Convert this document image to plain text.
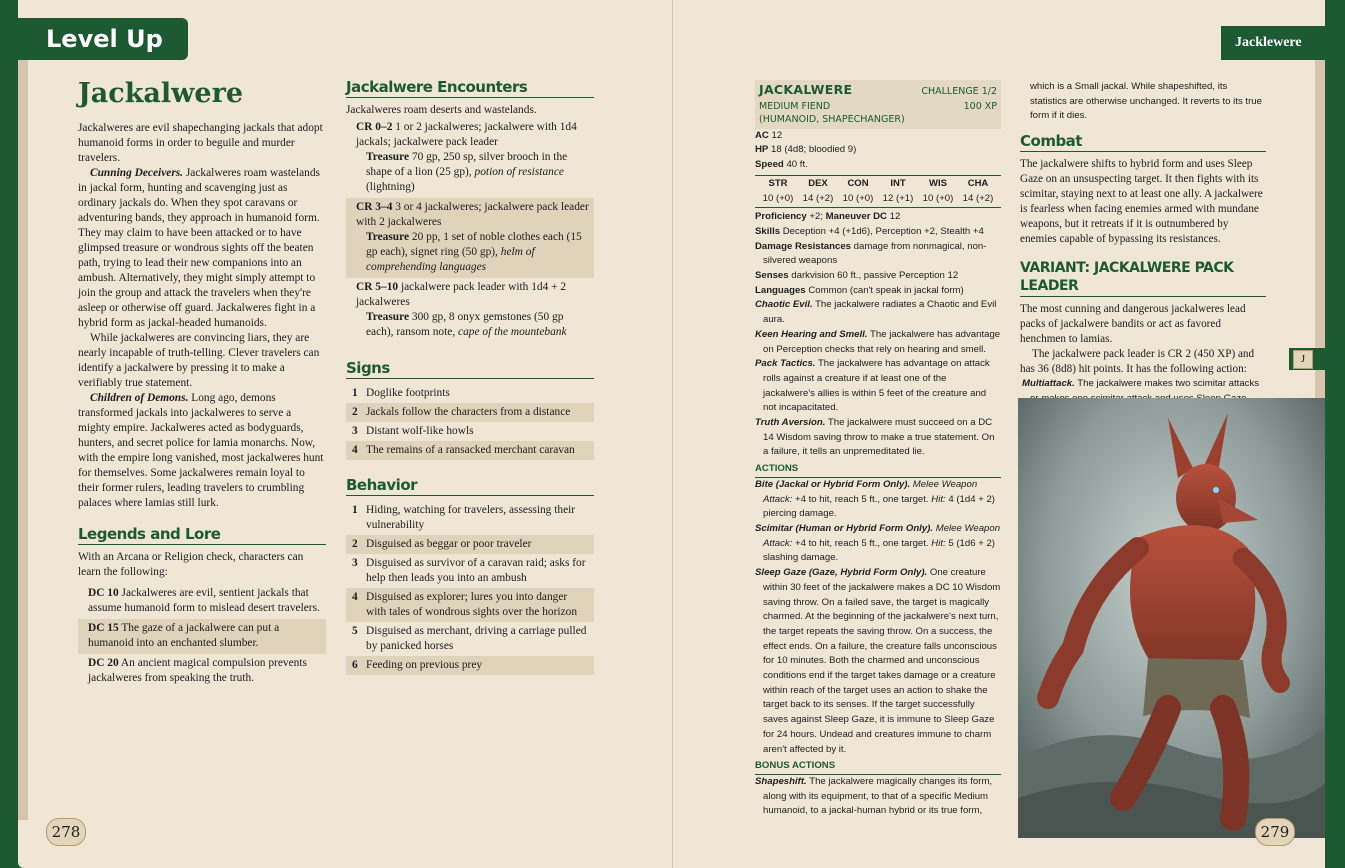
Level Up
Jackalwere

Jackalweres are evil shapechanging jackals that adopt humanoid forms in order to beguile and murder travelers.

Cunning Deceivers. Jackalweres roam wastelands in jackal form, hunting and scavenging just as ordinary jackals do. When they spot caravans or adventuring bands, they approach in humanoid form. They may claim to have been attacked or to have glimpsed treasure or wondrous sights off the beaten path, trying to lead their new companions into an ambush. Alternatively, they might simply attempt to join the group and attack the travelers when they're asleep or otherwise off guard. Jackalweres fight in a hybrid form as jackal-headed humanoids.

While jackalweres are convincing liars, they are nearly incapable of truth-telling. Clever travelers can identify a jackalwere by pressing it to make a verifiably true statement.

Children of Demons. Long ago, demons transformed jackals into jackalweres to serve a mighty empire. Jackalweres acted as bodyguards, hunters, and secret police for lamia monarchs. Now, with the empire long vanished, most jackalweres hunt for themselves. Some jackalweres remain loyal to their former rulers, leading travelers to crumbling palaces where lamias still lurk.

Legends and Lore

With an Arcana or Religion check, characters can learn the following:

DC 10 Jackalweres are evil, sentient jackals that assume humanoid form to mislead desert travelers.
DC 15 The gaze of a jackalwere can put a humanoid into an enchanted slumber.
DC 20 An ancient magical compulsion prevents jackalweres from speaking the truth.
Jackalwere Encounters

Jackalweres roam deserts and wastelands.

CR 0–2 1 or 2 jackalweres; jackalwere with 1d4 jackals; jackalwere pack leader
Treasure 70 gp, 250 sp, silver brooch in the shape of a lion (25 gp), potion of resistance (lightning)
CR 3–4 3 or 4 jackalweres; jackalwere pack leader with 2 jackalweres
Treasure 20 pp, 1 set of noble clothes each (15 gp each), signet ring (50 gp), helm of comprehending languages
CR 5–10 jackalwere pack leader with 1d4 + 2 jackalweres
Treasure 300 gp, 8 onyx gemstones (50 gp each), ransom note, cape of the mountebank
Signs
1 Doglike footprints
2 Jackals follow the characters from a distance
3 Distant wolf-like howls
4 The remains of a ransacked merchant caravan
Behavior
1 Hiding, watching for travelers, assessing their vulnerability
2 Disguised as beggar or poor traveler
3 Disguised as survivor of a caravan raid; asks for help then leads you into an ambush
4 Disguised as explorer; lures you into danger with tales of wondrous sights over the horizon
5 Disguised as merchant, driving a carriage pulled by panicked horses
6 Feeding on previous prey
278
Jacklewere
JACKALWERE	CHALLENGE 1/2
MEDIUM FIEND	100 XP
(HUMANOID, SHAPECHANGER)

AC 12

HP 18 (4d8; bloodied 9)

Speed 40 ft.

STR
10 (+0)
DEX
14 (+2)
CON
10 (+0)
INT
12 (+1)
WIS
10 (+0)
CHA
14 (+2)

Proficiency +2; Maneuver DC 12

Skills Deception +4 (+1d6), Perception +2, Stealth +4

Damage Resistances damage from nonmagical, non-silvered weapons

Senses darkvision 60 ft., passive Perception 12

Languages Common (can't speak in jackal form)

Chaotic Evil. The jackalwere radiates a Chaotic and Evil aura.

Keen Hearing and Smell. The jackalwere has advantage on Perception checks that rely on hearing and smell.

Pack Tactics. The jackalwere has advantage on attack rolls against a creature if at least one of the jackalwere's allies is within 5 feet of the creature and not incapacitated.

Truth Aversion. The jackalwere must succeed on a DC 14 Wisdom saving throw to make a true statement. On a failure, it tells an unpremeditated lie.

ACTIONS

Bite (Jackal or Hybrid Form Only). Melee Weapon Attack: +4 to hit, reach 5 ft., one target. Hit: 4 (1d4 + 2) piercing damage.

Scimitar (Human or Hybrid Form Only). Melee Weapon Attack: +4 to hit, reach 5 ft., one target. Hit: 5 (1d6 + 2) slashing damage.

Sleep Gaze (Gaze, Hybrid Form Only). One creature within 30 feet of the jackalwere makes a DC 10 Wisdom saving throw. On a failed save, the target is magically charmed. At the beginning of the jackalwere's next turn, the target repeats the saving throw. On a success, the effect ends. On a failure, the creature falls unconscious for 10 minutes. Both the charmed and unconscious conditions end if the target takes damage or a creature within reach of the target uses an action to shake the target back to its senses. If the target successfully saves against Sleep Gaze, it is immune to Sleep Gaze for 24 hours. Undead and creatures immune to charm aren't affected by it.

BONUS ACTIONS

Shapeshift. The jackalwere magically changes its form, along with its equipment, to that of a specific Medium humanoid, to a jackal-human hybrid or its true form,

which is a Small jackal. While shapeshifted, its statistics are otherwise unchanged. It reverts to its true form if it dies.

Combat

The jackalwere shifts to hybrid form and uses Sleep Gaze on an unsuspecting target. It then fights with its scimitar, staying next to at least one ally. A jackalwere is fearless when facing enemies armed with mundane weapons, but it retreats if it is outnumbered by enemies capable of bypassing its resistances.

VARIANT: JACKALWERE PACK LEADER

The most cunning and dangerous jackalweres lead packs of jackalwere bandits or act as favored henchmen to lamias.

The jackalwere pack leader is CR 2 (450 XP) and has 36 (8d8) hit points. It has the following action:

Multiattack. The jackalwere makes two scimitar attacks

J
279
